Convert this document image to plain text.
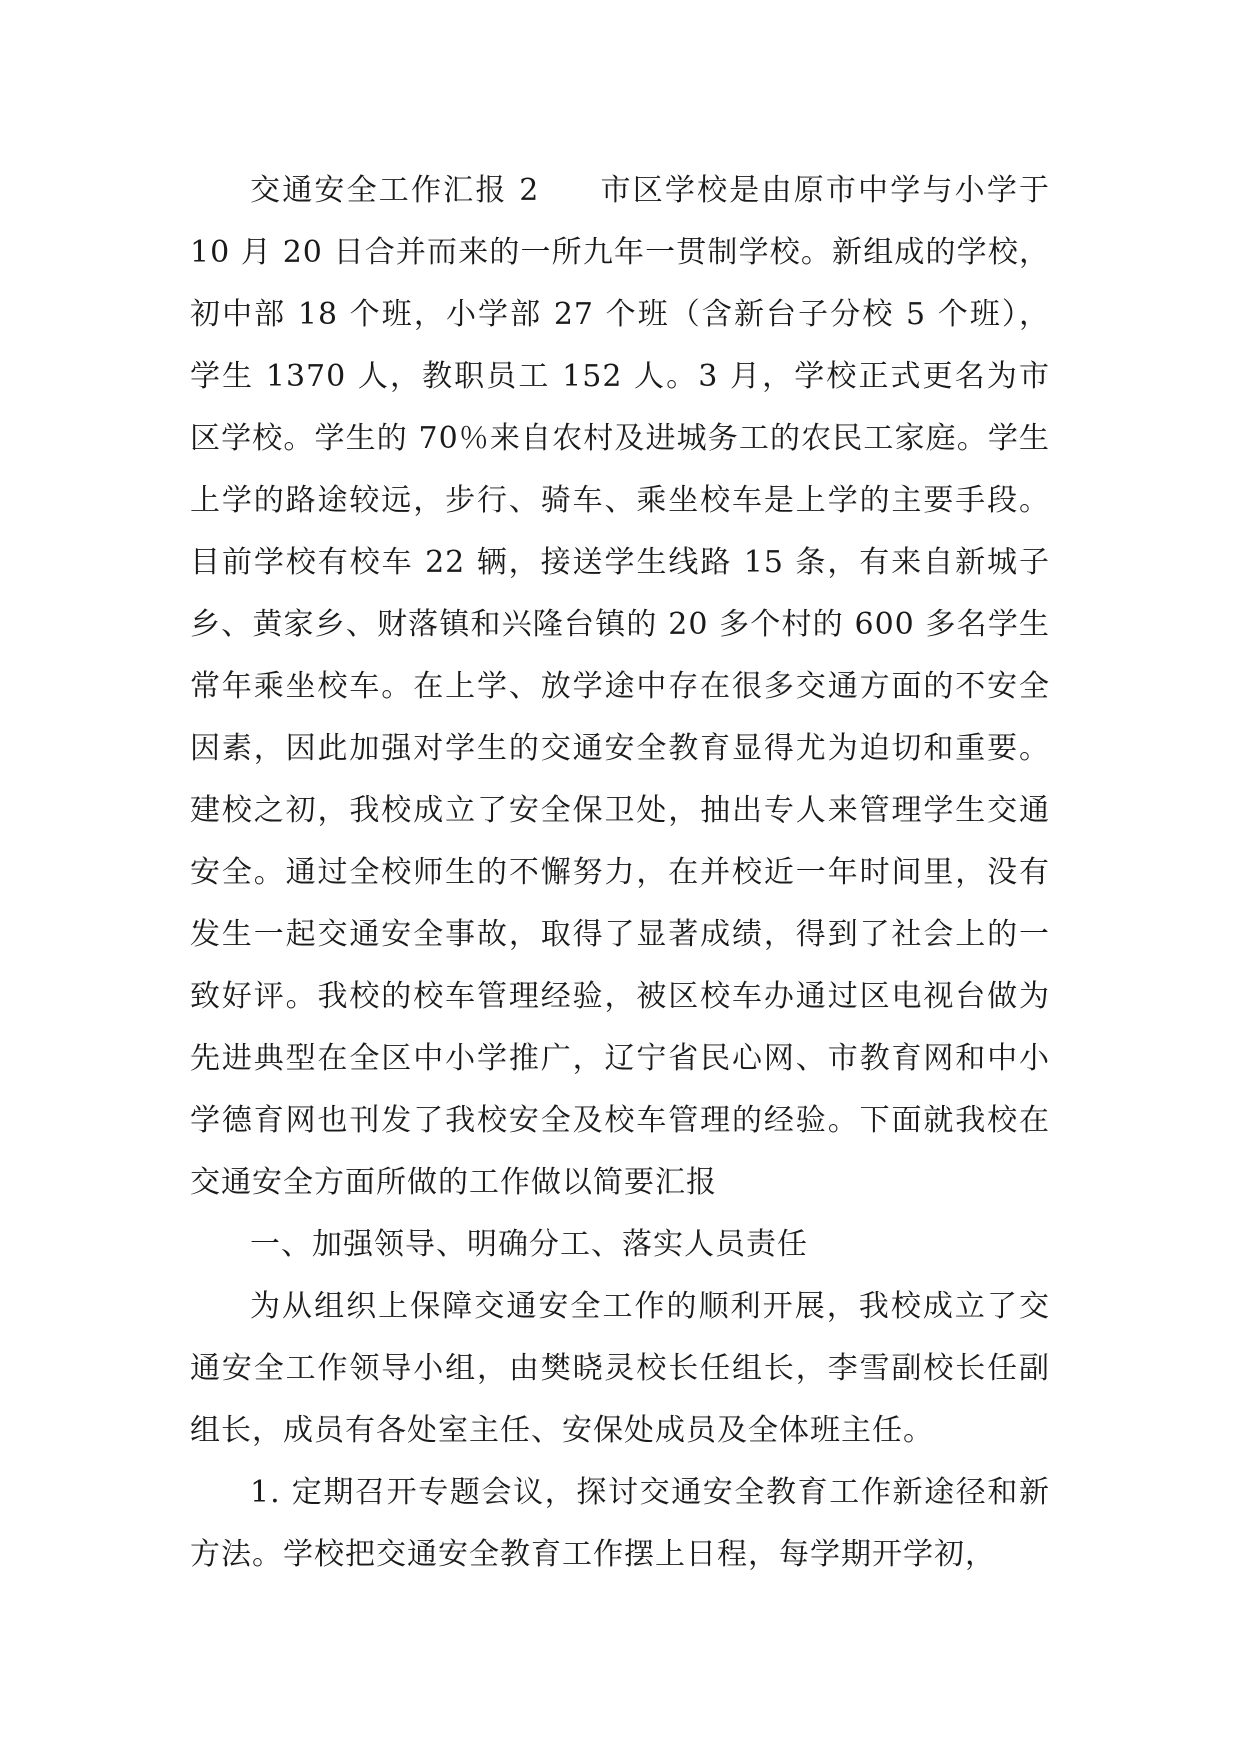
交通安全工作汇报 2 市区学校是由原市中学与小学于 10 月 20 日合并而来的一所九年一贯制学校。新组成的学校，初中部 18 个班，小学部 27 个班（含新台子分校 5 个班），学生 1370 人，教职员工 152 人。3 月，学校正式更名为市区学校。学生的 70％来自农村及进城务工的农民工家庭。学生上学的路途较远，步行、骑车、乘坐校车是上学的主要手段。目前学校有校车 22 辆，接送学生线路 15 条，有来自新城子乡、黄家乡、财落镇和兴隆台镇的 20 多个村的 600 多名学生常年乘坐校车。在上学、放学途中存在很多交通方面的不安全因素，因此加强对学生的交通安全教育显得尤为迫切和重要。建校之初，我校成立了安全保卫处，抽出专人来管理学生交通安全。通过全校师生的不懈努力，在并校近一年时间里，没有发生一起交通安全事故，取得了显著成绩，得到了社会上的一致好评。我校的校车管理经验，被区校车办通过区电视台做为先进典型在全区中小学推广，辽宁省民心网、市教育网和中小学德育网也刊发了我校安全及校车管理的经验。下面就我校在交通安全方面所做的工作做以简要汇报

一、加强领导、明确分工、落实人员责任

为从组织上保障交通安全工作的顺利开展，我校成立了交通安全工作领导小组，由樊晓灵校长任组长，李雪副校长任副组长，成员有各处室主任、安保处成员及全体班主任。

1. 定期召开专题会议，探讨交通安全教育工作新途径和新方法。学校把交通安全教育工作摆上日程，每学期开学初，
